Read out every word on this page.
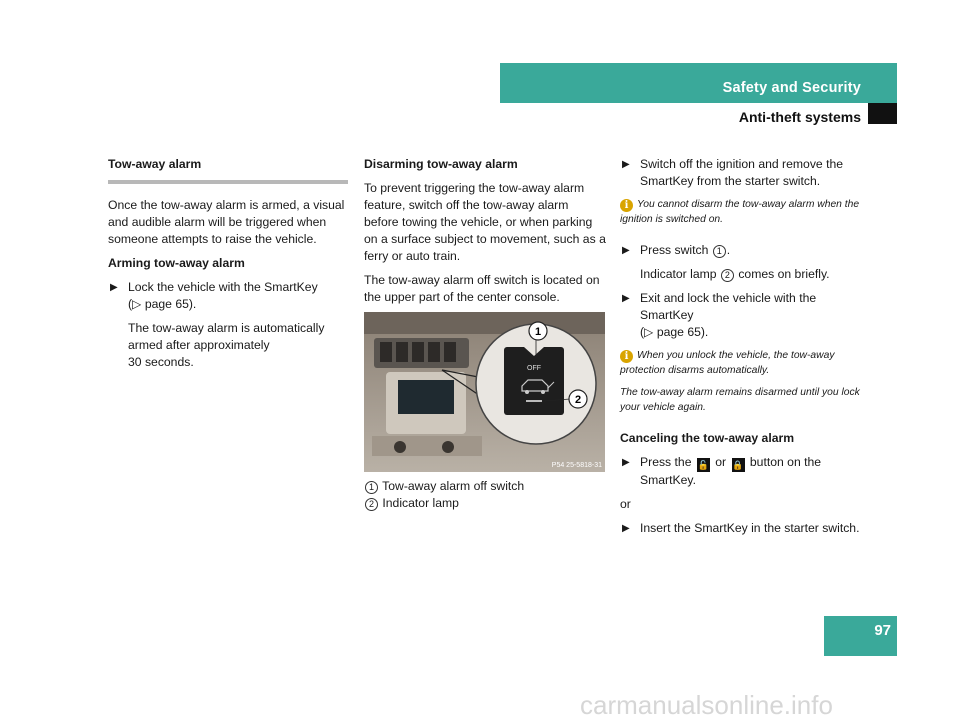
Safety and Security
Anti-theft systems
Tow-away alarm

Once the tow-away alarm is armed, a visual and audible alarm will be triggered when someone attempts to raise the vehicle.

Arming tow-away alarm
▶ Lock the vehicle with the SmartKey
(▷ page 65).

The tow-away alarm is automatically armed after approximately
30 seconds.

Disarming tow-away alarm

To prevent triggering the tow-away alarm feature, switch off the tow-away alarm before towing the vehicle, or when parking on a surface subject to movement, such as a ferry or auto train.

The tow-away alarm off switch is located on the upper part of the center console.

OFF
1
2
P54 25-5818-31
1 Tow-away alarm off switch
2 Indicator lamp
▶ Switch off the ignition and remove the SmartKey from the starter switch.

i You cannot disarm the tow-away alarm when the ignition is switched on.

▶ Press switch 1 .

Indicator lamp 2 comes on briefly.

▶ Exit and lock the vehicle with the SmartKey
(▷ page 65).

i When you unlock the vehicle, the tow-away protection disarms automatically.

The tow-away alarm remains disarmed until you lock your vehicle again.

Canceling the tow-away alarm
▶ Press the 🔓 or 🔒 button on the SmartKey.

or

▶ Insert the SmartKey in the starter switch.
97
carmanualsonline.info
